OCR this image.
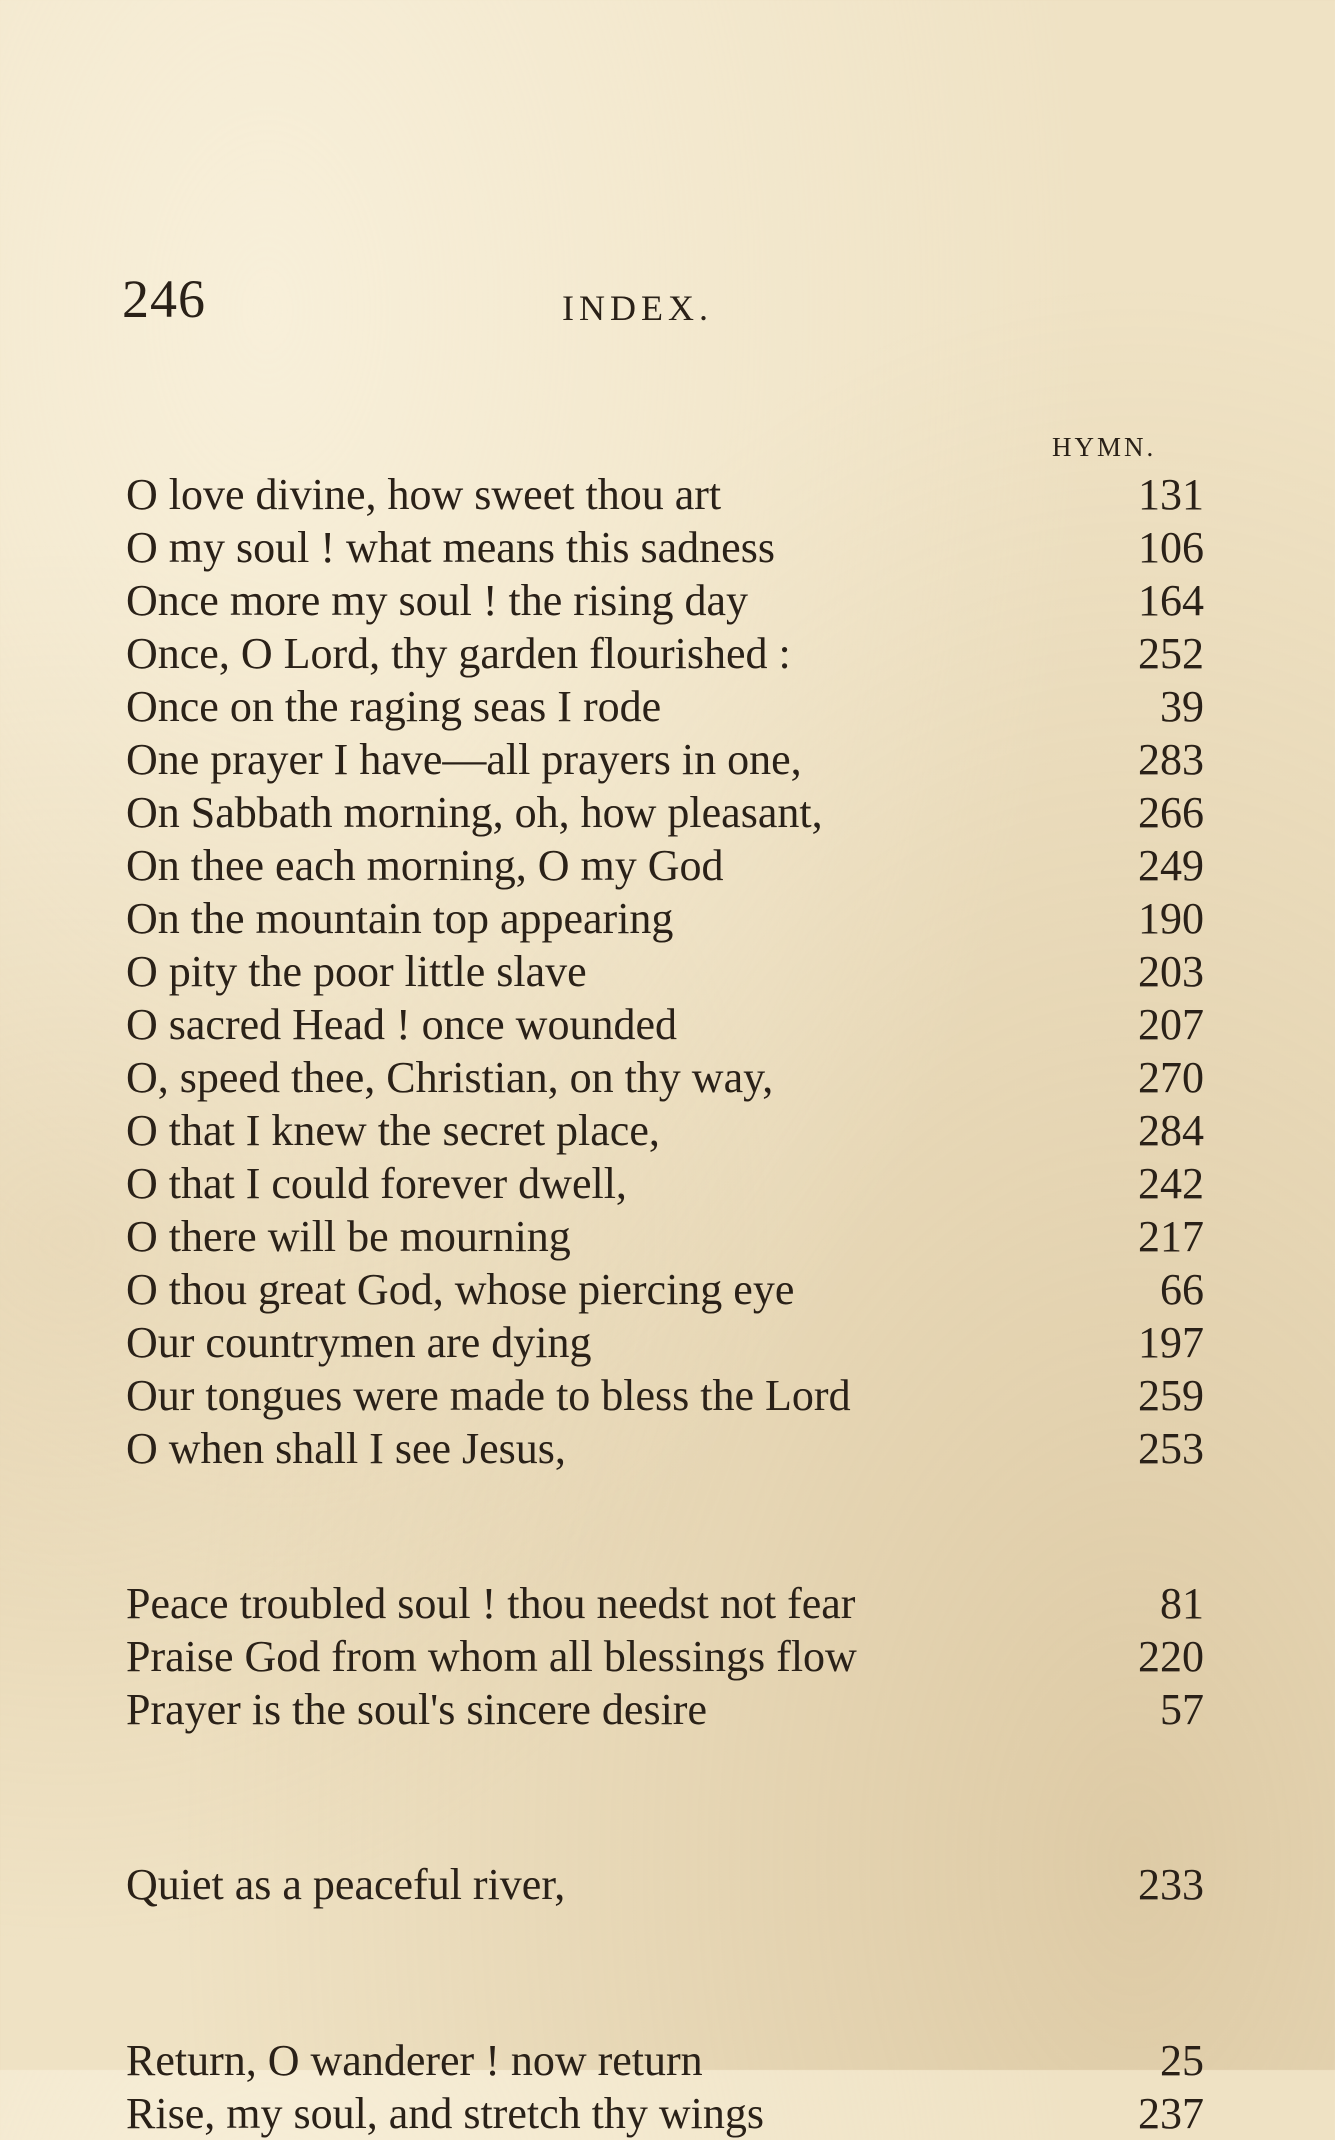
246	INDEX.
HYMN.
O love divine, how sweet thou art	131
O my soul ! what means this sadness	106
Once more my soul ! the rising day	164
Once, O Lord, thy garden flourished :	252
Once on the raging seas I rode	39
One prayer I have—all prayers in one,	283
On Sabbath morning, oh, how pleasant,	266
On thee each morning, O my God	249
On the mountain top appearing	190
O pity the poor little slave	203
O sacred Head ! once wounded	207
O, speed thee, Christian, on thy way,	270
O that I knew the secret place,	284
O that I could forever dwell,	242
O there will be mourning	217
O thou great God, whose piercing eye	66
Our countrymen are dying	197
Our tongues were made to bless the Lord	259
O when shall I see Jesus,	253
Peace troubled soul ! thou needst not fear	81
Praise God from whom all blessings flow	220
Prayer is the soul's sincere desire	57
Quiet as a peaceful river,	233
Return, O wanderer ! now return	25
Rise, my soul, and stretch thy wings	237
